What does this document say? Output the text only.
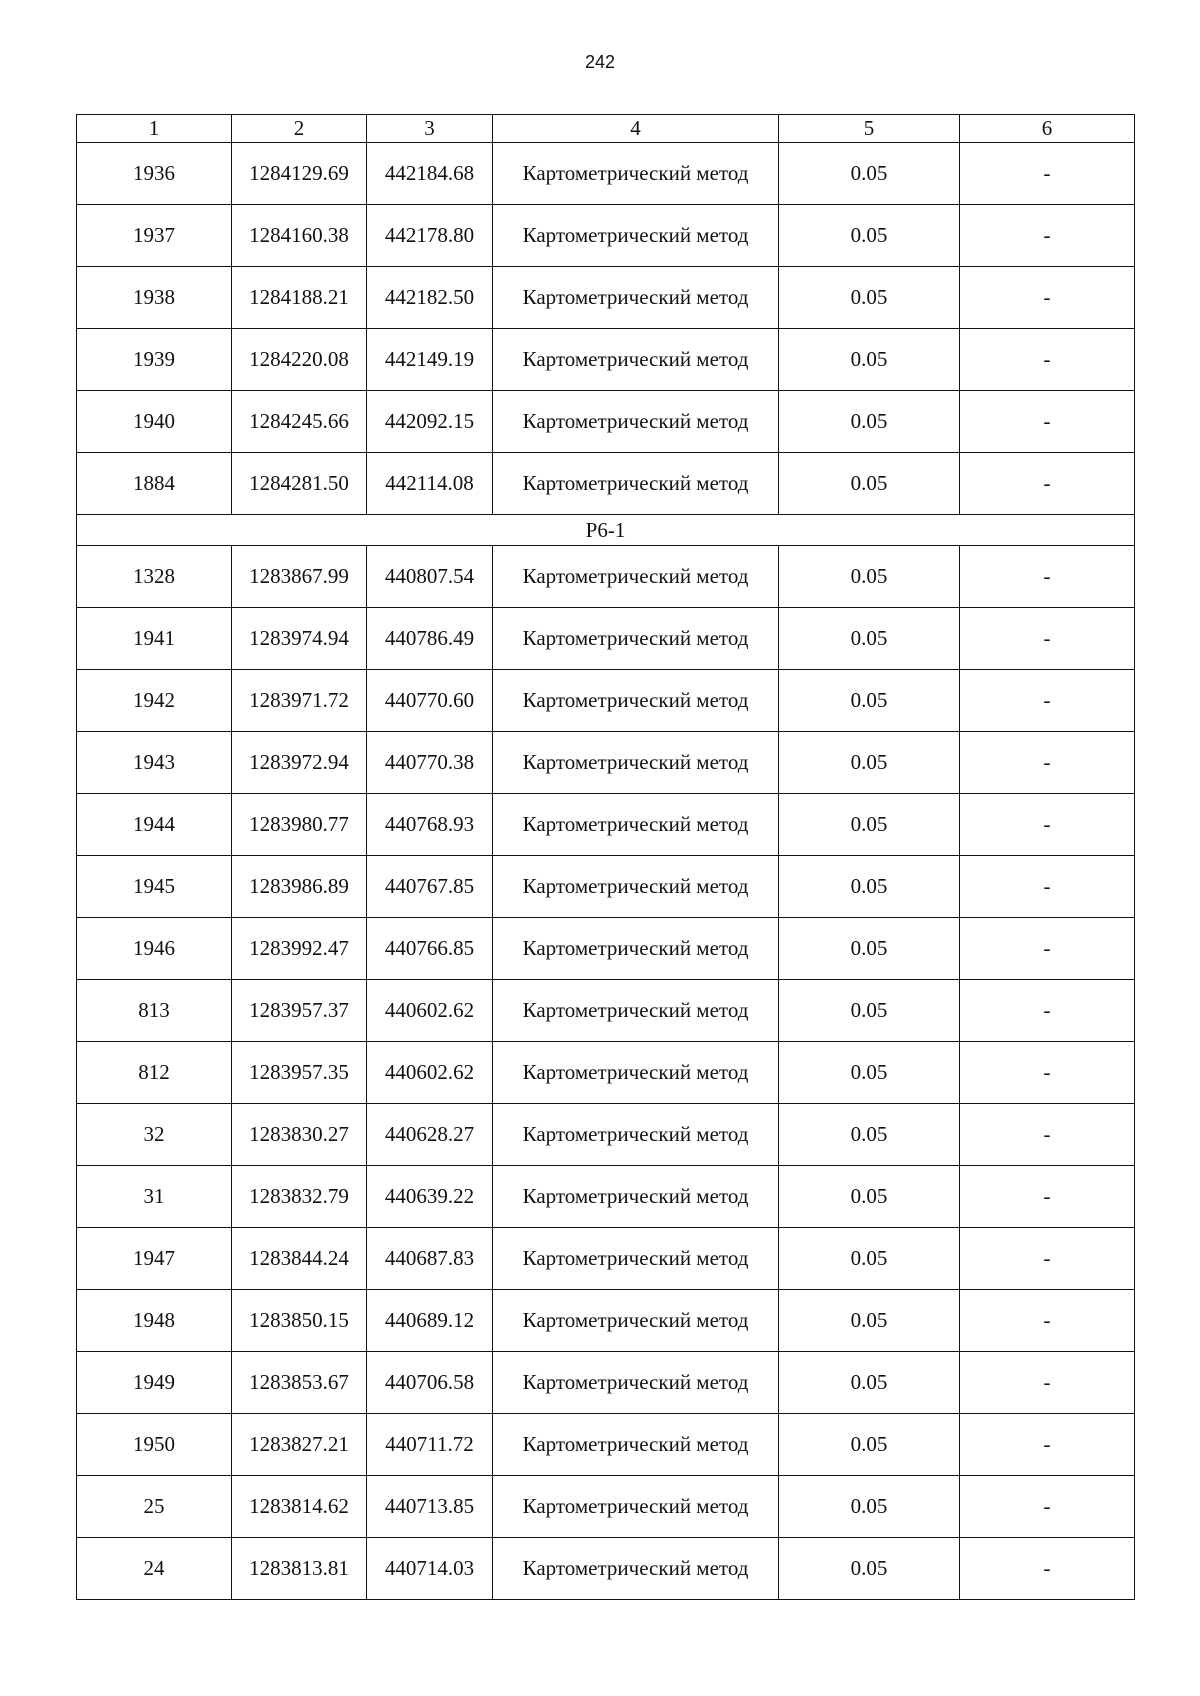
242
1	2	3	4	5	6
1936	1284129.69	442184.68	Картометрический метод	0.05	-
1937	1284160.38	442178.80	Картометрический метод	0.05	-
1938	1284188.21	442182.50	Картометрический метод	0.05	-
1939	1284220.08	442149.19	Картометрический метод	0.05	-
1940	1284245.66	442092.15	Картометрический метод	0.05	-
1884	1284281.50	442114.08	Картометрический метод	0.05	-
Р6-1					
1328	1283867.99	440807.54	Картометрический метод	0.05	-
1941	1283974.94	440786.49	Картометрический метод	0.05	-
1942	1283971.72	440770.60	Картометрический метод	0.05	-
1943	1283972.94	440770.38	Картометрический метод	0.05	-
1944	1283980.77	440768.93	Картометрический метод	0.05	-
1945	1283986.89	440767.85	Картометрический метод	0.05	-
1946	1283992.47	440766.85	Картометрический метод	0.05	-
813	1283957.37	440602.62	Картометрический метод	0.05	-
812	1283957.35	440602.62	Картометрический метод	0.05	-
32	1283830.27	440628.27	Картометрический метод	0.05	-
31	1283832.79	440639.22	Картометрический метод	0.05	-
1947	1283844.24	440687.83	Картометрический метод	0.05	-
1948	1283850.15	440689.12	Картометрический метод	0.05	-
1949	1283853.67	440706.58	Картометрический метод	0.05	-
1950	1283827.21	440711.72	Картометрический метод	0.05	-
25	1283814.62	440713.85	Картометрический метод	0.05	-
24	1283813.81	440714.03	Картометрический метод	0.05	-
